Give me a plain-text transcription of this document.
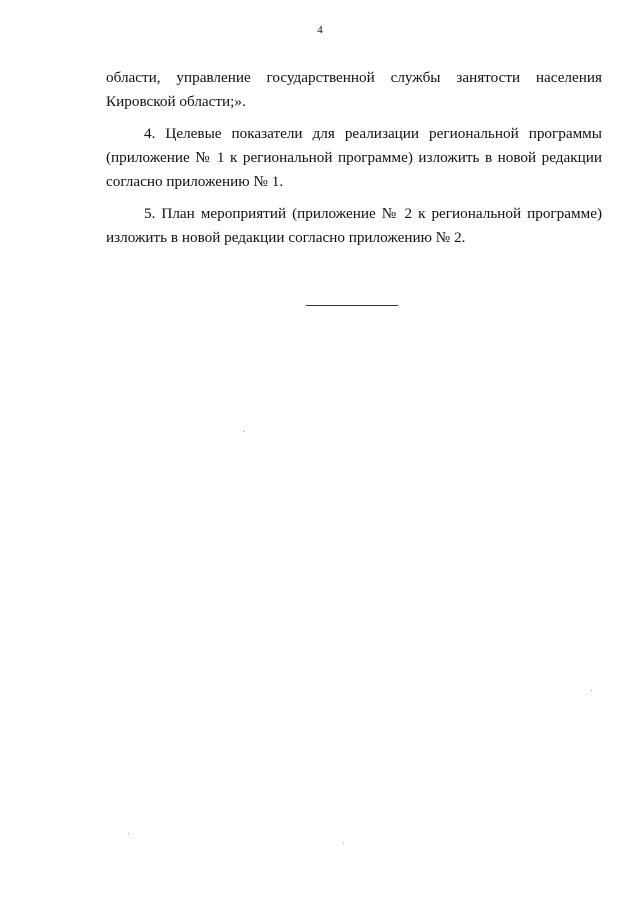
4

области, управление государственной службы занятости населения Кировской области;».

4. Целевые показатели для реализации региональной программы (приложение № 1 к региональной программе) изложить в новой редакции согласно приложению № 1.

5. План мероприятий (приложение № 2 к региональной программе) изложить в новой редакции согласно приложению № 2.
